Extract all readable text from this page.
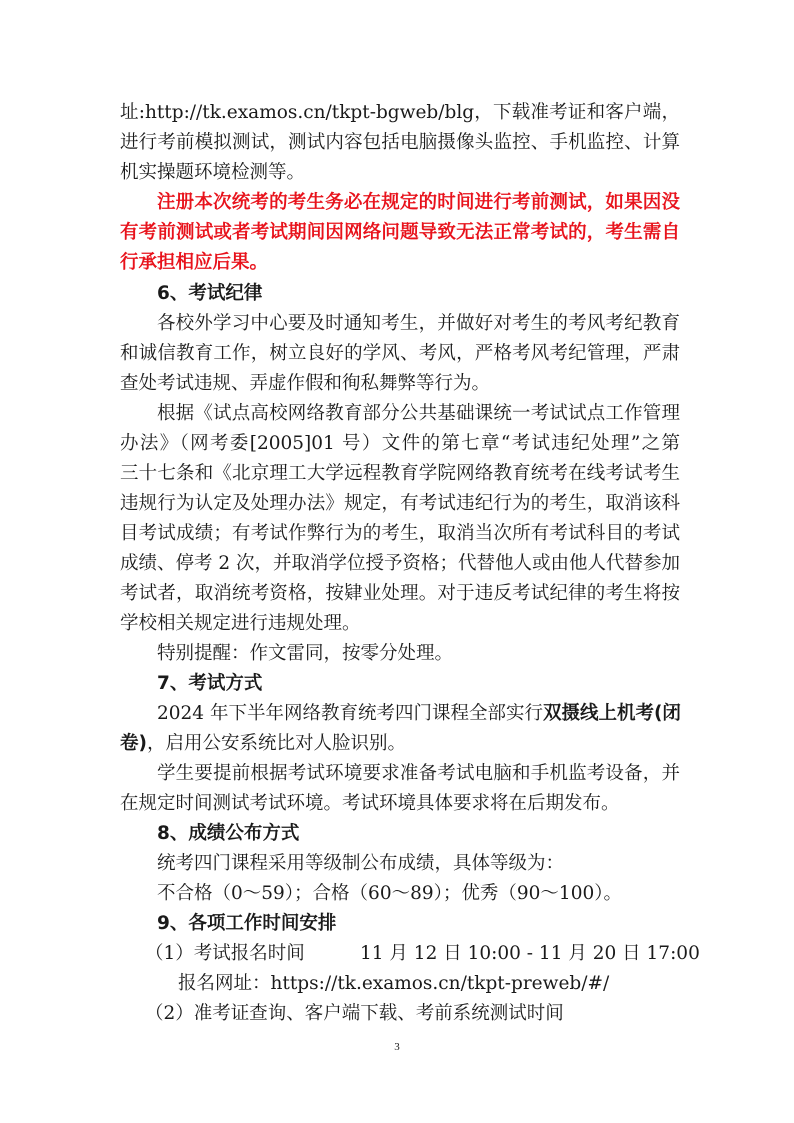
址:http://tk.examos.cn/tkpt-bgweb/blg，下载准考证和客户端，
进行考前模拟测试，测试内容包括电脑摄像头监控、手机监控、计算
机实操题环境检测等。
注册本次统考的考生务必在规定的时间进行考前测试，如果因没
有考前测试或者考试期间因网络问题导致无法正常考试的，考生需自
行承担相应后果。
6、考试纪律
各校外学习中心要及时通知考生，并做好对考生的考风考纪教育
和诚信教育工作，树立良好的学风、考风，严格考风考纪管理，严肃
查处考试违规、弄虚作假和徇私舞弊等行为。
根据《试点高校网络教育部分公共基础课统一考试试点工作管理
办法》（网考委[2005]01 号）文件的第七章“考试违纪处理”之第
三十七条和《北京理工大学远程教育学院网络教育统考在线考试考生
违规行为认定及处理办法》规定，有考试违纪行为的考生，取消该科
目考试成绩；有考试作弊行为的考生，取消当次所有考试科目的考试
成绩、停考 2 次，并取消学位授予资格；代替他人或由他人代替参加
考试者，取消统考资格，按肄业处理。对于违反考试纪律的考生将按
学校相关规定进行违规处理。
特别提醒：作文雷同，按零分处理。
7、考试方式
2024 年下半年网络教育统考四门课程全部实行双摄线上机考(闭
卷)，启用公安系统比对人脸识别。
学生要提前根据考试环境要求准备考试电脑和手机监考设备，并
在规定时间测试考试环境。考试环境具体要求将在后期发布。
8、成绩公布方式
统考四门课程采用等级制公布成绩，具体等级为：
不合格（0～59）；合格（60～89）；优秀（90～100）。
9、各项工作时间安排
（1）考试报名时间	11 月 12 日 10:00 - 11 月 20 日 17:00
报名网址：https://tk.examos.cn/tkpt-preweb/#/
（2）准考证查询、客户端下载、考前系统测试时间
3
